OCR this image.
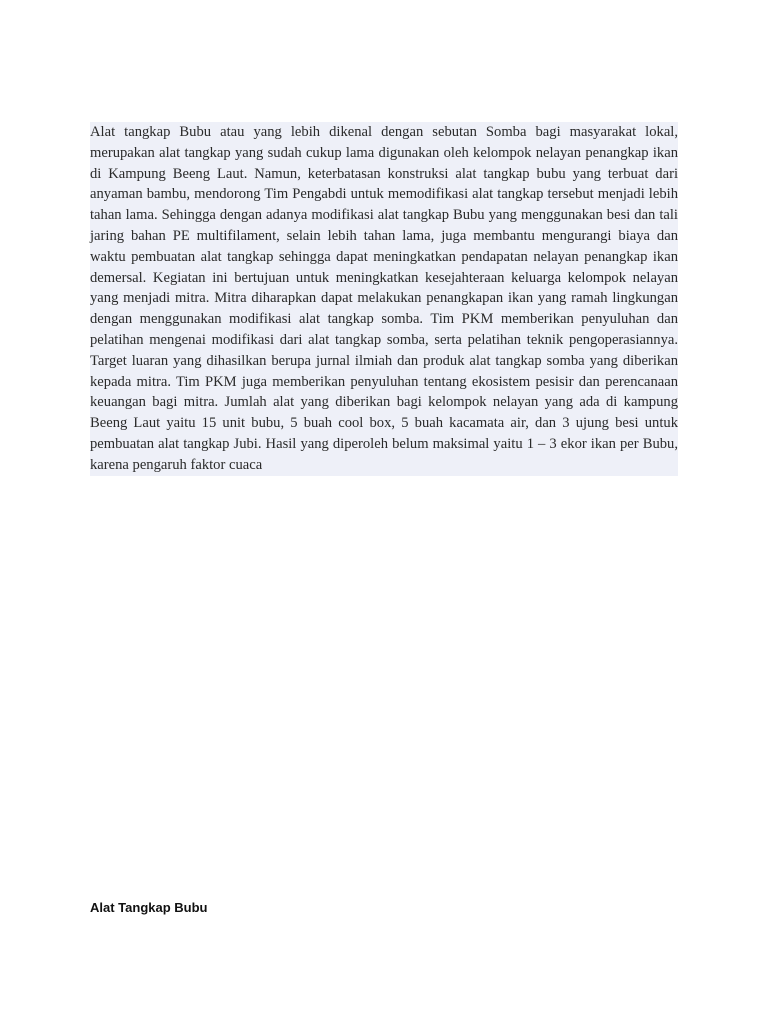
Alat tangkap Bubu atau yang lebih dikenal dengan sebutan Somba bagi masyarakat lokal, merupakan alat tangkap yang sudah cukup lama digunakan oleh kelompok nelayan penangkap ikan di Kampung Beeng Laut. Namun, keterbatasan konstruksi alat tangkap bubu yang terbuat dari anyaman bambu, mendorong Tim Pengabdi untuk memodifikasi alat tangkap tersebut menjadi lebih tahan lama. Sehingga dengan adanya modifikasi alat tangkap Bubu yang menggunakan besi dan tali jaring bahan PE multifilament, selain lebih tahan lama, juga membantu mengurangi biaya dan waktu pembuatan alat tangkap sehingga dapat meningkatkan pendapatan nelayan penangkap ikan demersal. Kegiatan ini bertujuan untuk meningkatkan kesejahteraan keluarga kelompok nelayan yang menjadi mitra. Mitra diharapkan dapat melakukan penangkapan ikan yang ramah lingkungan dengan menggunakan modifikasi alat tangkap somba. Tim PKM memberikan penyuluhan dan pelatihan mengenai modifikasi dari alat tangkap somba, serta pelatihan teknik pengoperasiannya. Target luaran yang dihasilkan berupa jurnal ilmiah dan produk alat tangkap somba yang diberikan kepada mitra. Tim PKM juga memberikan penyuluhan tentang ekosistem pesisir dan perencanaan keuangan bagi mitra. Jumlah alat yang diberikan bagi kelompok nelayan yang ada di kampung Beeng Laut yaitu 15 unit bubu, 5 buah cool box, 5 buah kacamata air, dan 3 ujung besi untuk pembuatan alat tangkap Jubi. Hasil yang diperoleh belum maksimal yaitu 1 – 3 ekor ikan per Bubu, karena pengaruh faktor cuaca

Alat Tangkap Bubu
